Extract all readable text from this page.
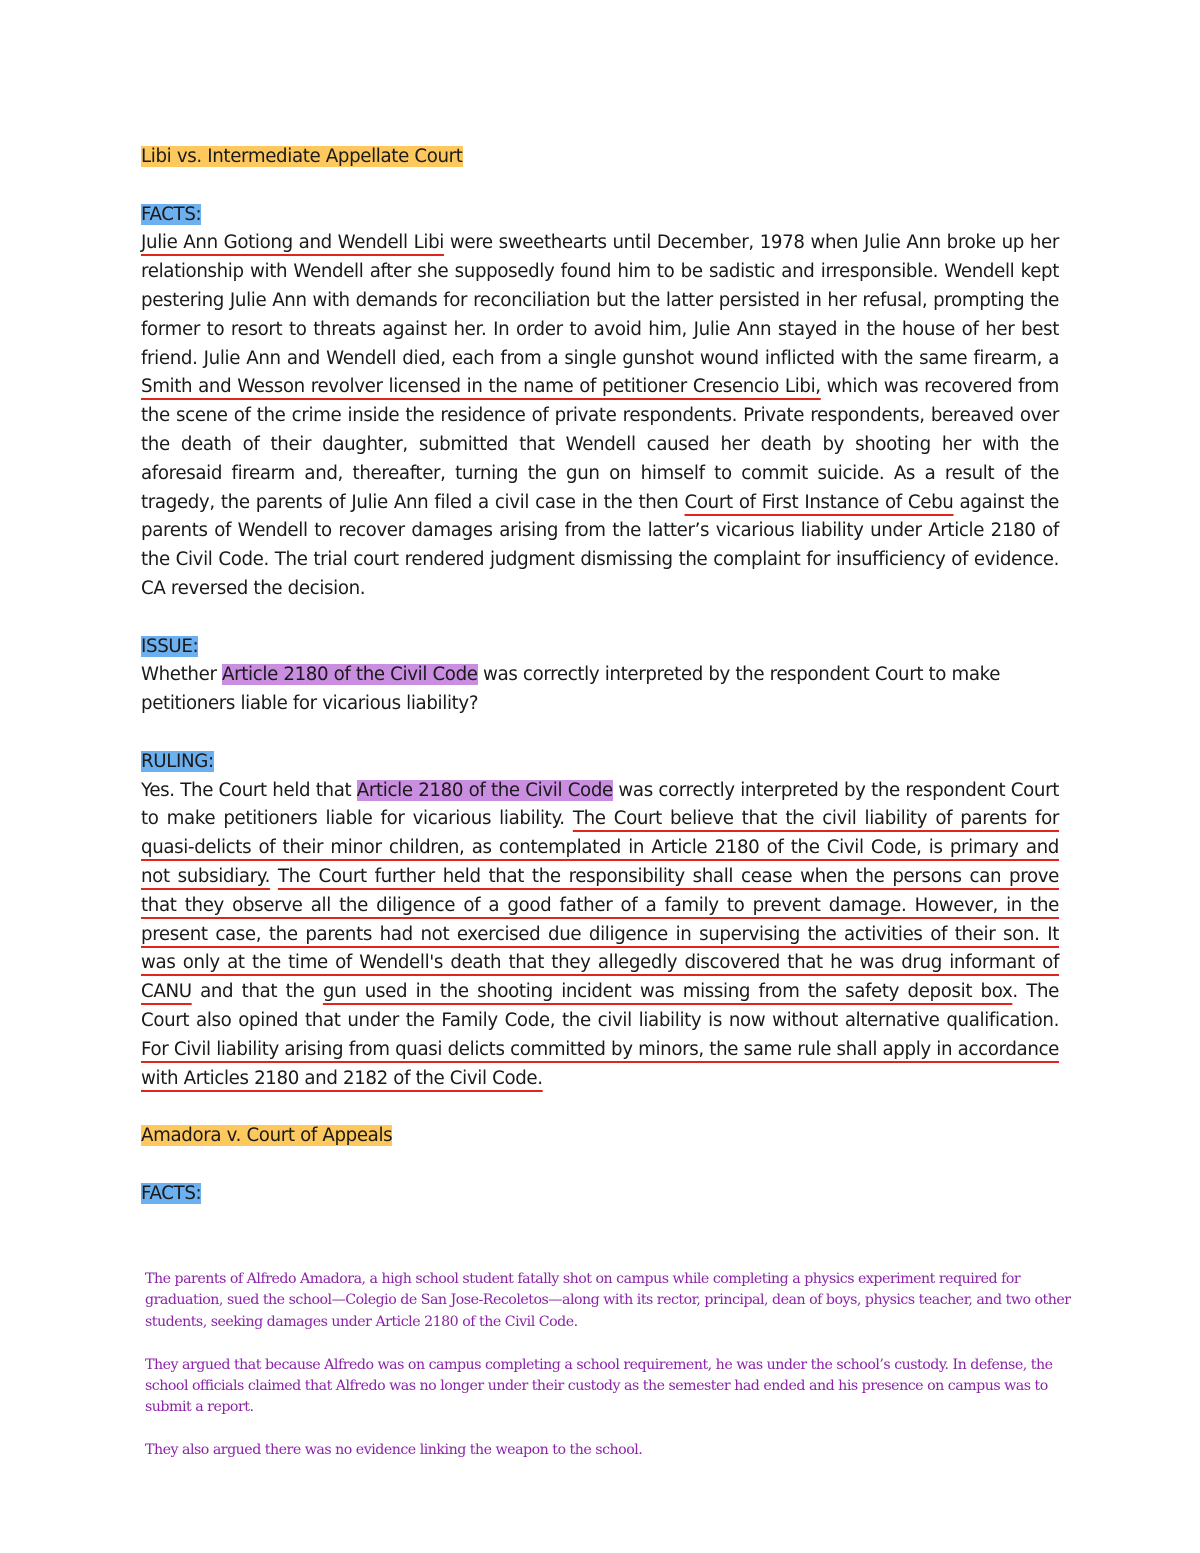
Libi vs. Intermediate Appellate Court

FACTS:

Julie Ann Gotiong and Wendell Libi were sweethearts until December, 1978 when Julie Ann broke up her relationship with Wendell after she supposedly found him to be sadistic and irresponsible. Wendell kept pestering Julie Ann with demands for reconciliation but the latter persisted in her refusal, prompting the former to resort to threats against her. In order to avoid him, Julie Ann stayed in the house of her best friend. Julie Ann and Wendell died, each from a single gunshot wound inflicted with the same firearm, a Smith and Wesson revolver licensed in the name of petitioner Cresencio Libi, which was recovered from the scene of the crime inside the residence of private respondents. Private respondents, bereaved over the death of their daughter, submitted that Wendell caused her death by shooting her with the aforesaid firearm and, thereafter, turning the gun on himself to commit suicide. As a result of the tragedy, the parents of Julie Ann filed a civil case in the then Court of First Instance of Cebu against the parents of Wendell to recover damages arising from the latter’s vicarious liability under Article 2180 of the Civil Code. The trial court rendered judgment dismissing the complaint for insufficiency of evidence. CA reversed the decision.

ISSUE:

Whether Article 2180 of the Civil Code was correctly interpreted by the respondent Court to make petitioners liable for vicarious liability?

RULING:

Yes. The Court held that Article 2180 of the Civil Code was correctly interpreted by the respondent Court to make petitioners liable for vicarious liability. The Court believe that the civil liability of parents for quasi-delicts of their minor children, as contemplated in Article 2180 of the Civil Code, is primary and not subsidiary. The Court further held that the responsibility shall cease when the persons can prove that they observe all the diligence of a good father of a family to prevent damage. However, in the present case, the parents had not exercised due diligence in supervising the activities of their son. It was only at the time of Wendell's death that they allegedly discovered that he was drug informant of CANU and that the gun used in the shooting incident was missing from the safety deposit box. The Court also opined that under the Family Code, the civil liability is now without alternative qualification. For Civil liability arising from quasi delicts committed by minors, the same rule shall apply in accordance with Articles 2180 and 2182 of the Civil Code.

Amadora v. Court of Appeals

FACTS:

The parents of Alfredo Amadora, a high school student fatally shot on campus while completing a physics experiment required for graduation, sued the school—Colegio de San Jose-Recoletos—along with its rector, principal, dean of boys, physics teacher, and two other students, seeking damages under Article 2180 of the Civil Code.

They argued that because Alfredo was on campus completing a school requirement, he was under the school’s custody. In defense, the school officials claimed that Alfredo was no longer under their custody as the semester had ended and his presence on campus was to submit a report.

They also argued there was no evidence linking the weapon to the school.
